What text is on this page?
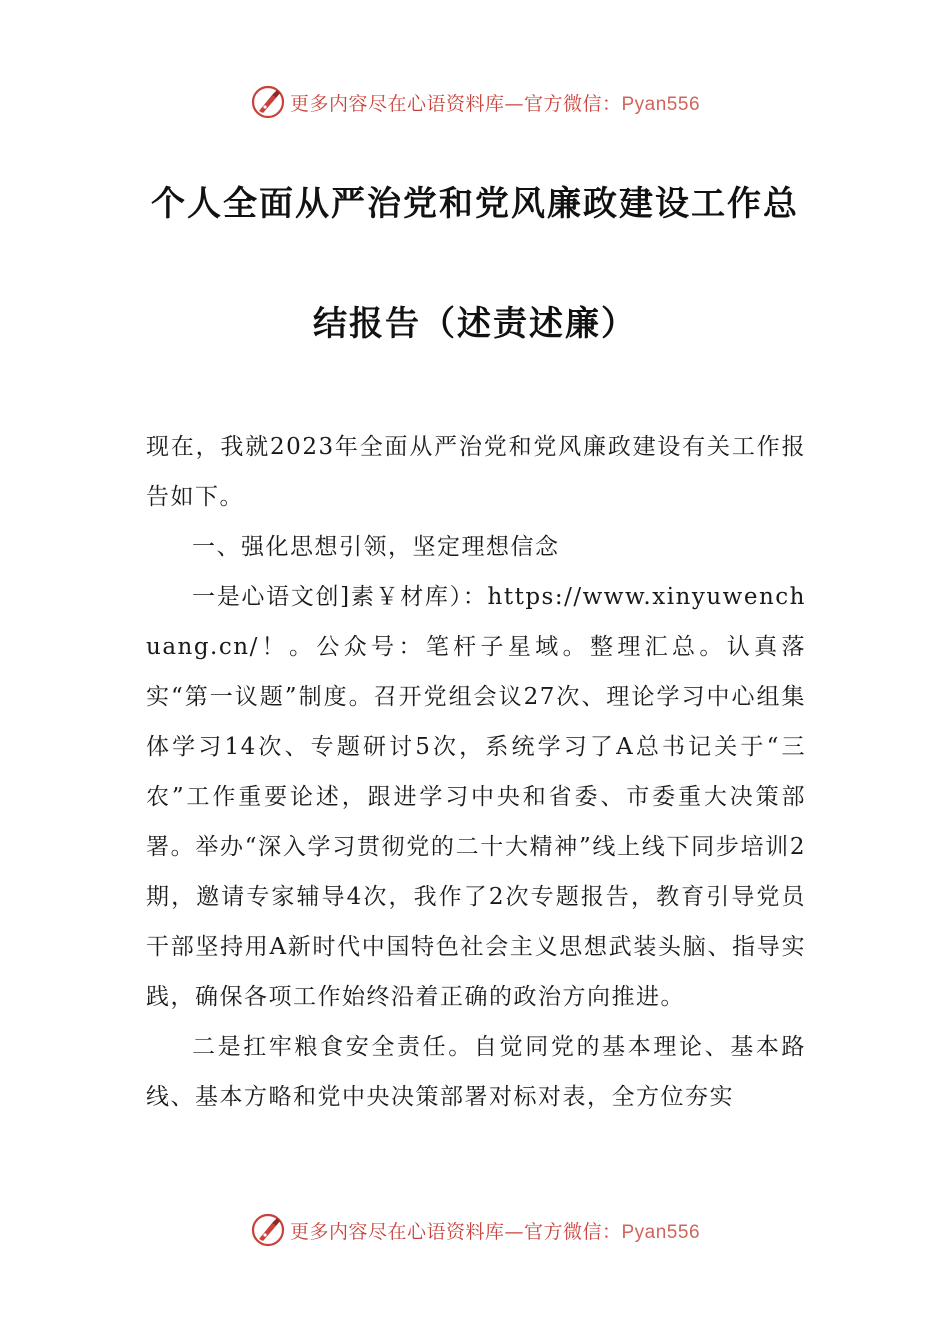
更多内容尽在心语资料库—官方微信：Pyan556
个人全面从严治党和党风廉政建设工作总
结报告（述责述廉）

现在，我就2023年全面从严治党和党风廉政建设有关工作报告如下。

一、强化思想引领，坚定理想信念

一是心语文创]素￥材库）：https://www.xinyuwenchuang.cn/！。公众号：笔杆子星域。整理汇总。认真落实“第一议题”制度。召开党组会议27次、理论学习中心组集体学习14次、专题研讨5次，系统学习了A总书记关于“三农”工作重要论述，跟进学习中央和省委、市委重大决策部署。举办“深入学习贯彻党的二十大精神”线上线下同步培训2期，邀请专家辅导4次，我作了2次专题报告，教育引导党员干部坚持用A新时代中国特色社会主义思想武装头脑、指导实践，确保各项工作始终沿着正确的政治方向推进。

二是扛牢粮食安全责任。自觉同党的基本理论、基本路线、基本方略和党中央决策部署对标对表，全方位夯实

更多内容尽在心语资料库—官方微信：Pyan556
